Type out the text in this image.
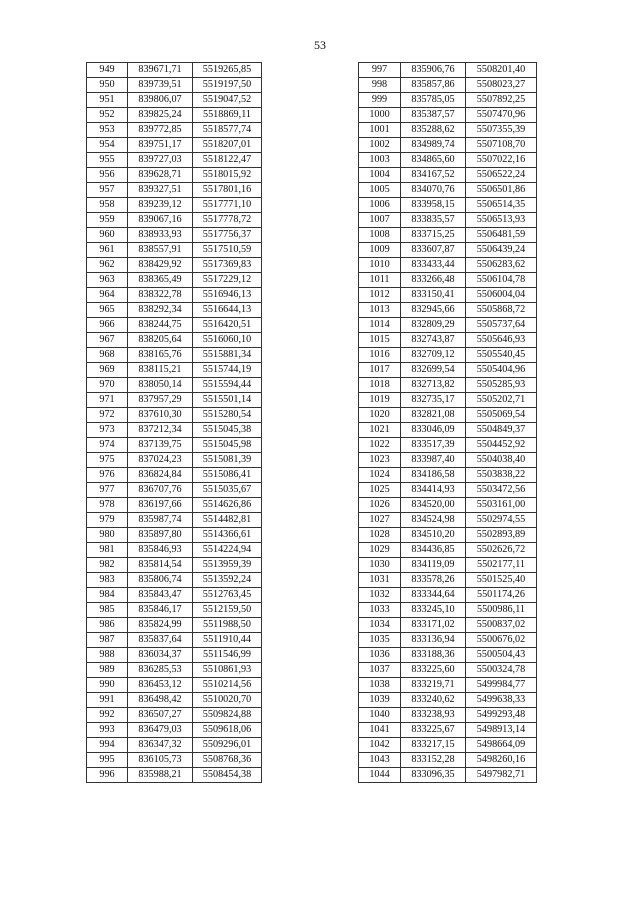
53
949	839671,71	5519265,85
950	839739,51	5519197,50
951	839806,07	5519047,52
952	839825,24	5518869,11
953	839772,85	5518577,74
954	839751,17	5518207,01
955	839727,03	5518122,47
956	839628,71	5518015,92
957	839327,51	5517801,16
958	839239,12	5517771,10
959	839067,16	5517778,72
960	838933,93	5517756,37
961	838557,91	5517510,59
962	838429,92	5517369,83
963	838365,49	5517229,12
964	838322,78	5516946,13
965	838292,34	5516644,13
966	838244,75	5516420,51
967	838205,64	5516060,10
968	838165,76	5515881,34
969	838115,21	5515744,19
970	838050,14	5515594,44
971	837957,29	5515501,14
972	837610,30	5515280,54
973	837212,34	5515045,38
974	837139,75	5515045,98
975	837024,23	5515081,39
976	836824,84	5515086,41
977	836707,76	5515035,67
978	836197,66	5514626,86
979	835987,74	5514482,81
980	835897,80	5514366,61
981	835846,93	5514224,94
982	835814,54	5513959,39
983	835806,74	5513592,24
984	835843,47	5512763,45
985	835846,17	5512159,50
986	835824,99	5511988,50
987	835837,64	5511910,44
988	836034,37	5511546,99
989	836285,53	5510861,93
990	836453,12	5510214,56
991	836498,42	5510020,70
992	836507,27	5509824,88
993	836479,03	5509618,06
994	836347,32	5509296,01
995	836105,73	5508768,36
996	835988,21	5508454,38
997	835906,76	5508201,40
998	835857,86	5508023,27
999	835785,05	5507892,25
1000	835387,57	5507470,96
1001	835288,62	5507355,39
1002	834989,74	5507108,70
1003	834865,60	5507022,16
1004	834167,52	5506522,24
1005	834070,76	5506501,86
1006	833958,15	5506514,35
1007	833835,57	5506513,93
1008	833715,25	5506481,59
1009	833607,87	5506439,24
1010	833433,44	5506283,62
1011	833266,48	5506104,78
1012	833150,41	5506004,04
1013	832945,66	5505868,72
1014	832809,29	5505737,64
1015	832743,87	5505646,93
1016	832709,12	5505540,45
1017	832699,54	5505404,96
1018	832713,82	5505285,93
1019	832735,17	5505202,71
1020	832821,08	5505069,54
1021	833046,09	5504849,37
1022	833517,39	5504452,92
1023	833987,40	5504038,40
1024	834186,58	5503838,22
1025	834414,93	5503472,56
1026	834520,00	5503161,00
1027	834524,98	5502974,55
1028	834510,20	5502893,89
1029	834436,85	5502626,72
1030	834119,09	5502177,11
1031	833578,26	5501525,40
1032	833344,64	5501174,26
1033	833245,10	5500986,11
1034	833171,02	5500837,02
1035	833136,94	5500676,02
1036	833188,36	5500504,43
1037	833225,60	5500324,78
1038	833219,71	5499984,77
1039	833240,62	5499638,33
1040	833238,93	5499293,48
1041	833225,67	5498913,14
1042	833217,15	5498664,09
1043	833152,28	5498260,16
1044	833096,35	5497982,71
